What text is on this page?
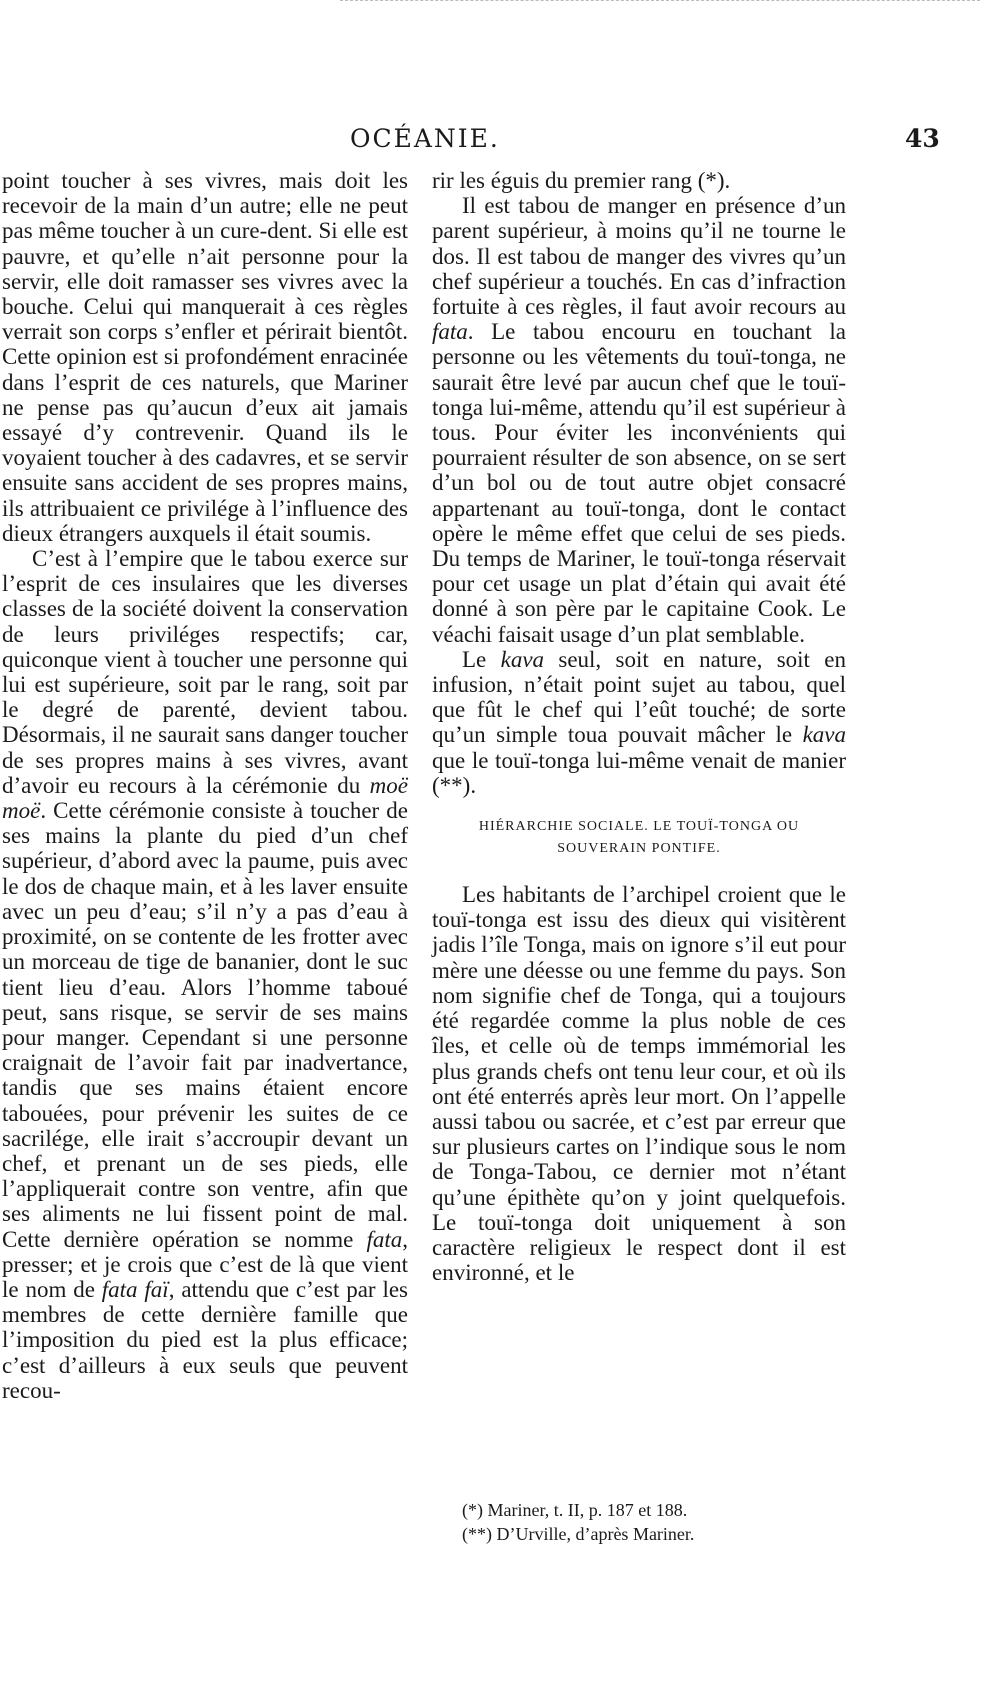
OCÉANIE.	43

point toucher à ses vivres, mais doit les recevoir de la main d’un autre; elle ne peut pas même toucher à un cure-dent. Si elle est pauvre, et qu’elle n’ait personne pour la servir, elle doit ramasser ses vivres avec la bouche. Celui qui manquerait à ces règles verrait son corps s’enfler et périrait bientôt. Cette opinion est si profondément enracinée dans l’esprit de ces naturels, que Mariner ne pense pas qu’aucun d’eux ait jamais essayé d’y contrevenir. Quand ils le voyaient toucher à des cadavres, et se servir ensuite sans accident de ses propres mains, ils attribuaient ce privilége à l’influence des dieux étrangers auxquels il était soumis.

C’est à l’empire que le tabou exerce sur l’esprit de ces insulaires que les diverses classes de la société doivent la conservation de leurs priviléges respectifs; car, quiconque vient à toucher une personne qui lui est supérieure, soit par le rang, soit par le degré de parenté, devient tabou. Désormais, il ne saurait sans danger toucher de ses propres mains à ses vivres, avant d’avoir eu recours à la cérémonie du moë moë. Cette cérémonie consiste à toucher de ses mains la plante du pied d’un chef supérieur, d’abord avec la paume, puis avec le dos de chaque main, et à les laver ensuite avec un peu d’eau; s’il n’y a pas d’eau à proximité, on se contente de les frotter avec un morceau de tige de bananier, dont le suc tient lieu d’eau. Alors l’homme taboué peut, sans risque, se servir de ses mains pour manger. Cependant si une personne craignait de l’avoir fait par inadvertance, tandis que ses mains étaient encore tabouées, pour prévenir les suites de ce sacrilége, elle irait s’accroupir devant un chef, et prenant un de ses pieds, elle l’appliquerait contre son ventre, afin que ses aliments ne lui fissent point de mal. Cette dernière opération se nomme fata, presser; et je crois que c’est de là que vient le nom de fata faï, attendu que c’est par les membres de cette dernière famille que l’imposition du pied est la plus efficace; c’est d’ailleurs à eux seuls que peuvent recou-

rir les éguis du premier rang (*).

Il est tabou de manger en présence d’un parent supérieur, à moins qu’il ne tourne le dos. Il est tabou de manger des vivres qu’un chef supérieur a touchés. En cas d’infraction fortuite à ces règles, il faut avoir recours au fata. Le tabou encouru en touchant la personne ou les vêtements du touï-tonga, ne saurait être levé par aucun chef que le touï-tonga lui-même, attendu qu’il est supérieur à tous. Pour éviter les inconvénients qui pourraient résulter de son absence, on se sert d’un bol ou de tout autre objet consacré appartenant au touï-tonga, dont le contact opère le même effet que celui de ses pieds. Du temps de Mariner, le touï-tonga réservait pour cet usage un plat d’étain qui avait été donné à son père par le capitaine Cook. Le véachi faisait usage d’un plat semblable.

Le kava seul, soit en nature, soit en infusion, n’était point sujet au tabou, quel que fût le chef qui l’eût touché; de sorte qu’un simple toua pouvait mâcher le kava que le touï-tonga lui-même venait de manier (**).

HIÉRARCHIE SOCIALE. LE TOUÏ-TONGA OU SOUVERAIN PONTIFE.

Les habitants de l’archipel croient que le touï-tonga est issu des dieux qui visitèrent jadis l’île Tonga, mais on ignore s’il eut pour mère une déesse ou une femme du pays. Son nom signifie chef de Tonga, qui a toujours été regardée comme la plus noble de ces îles, et celle où de temps immémorial les plus grands chefs ont tenu leur cour, et où ils ont été enterrés après leur mort. On l’appelle aussi tabou ou sacrée, et c’est par erreur que sur plusieurs cartes on l’indique sous le nom de Tonga-Tabou, ce dernier mot n’étant qu’une épithète qu’on y joint quelquefois. Le touï-tonga doit uniquement à son caractère religieux le respect dont il est environné, et le

(*) Mariner, t. II, p. 187 et 188.

(**) D’Urville, d’après Mariner.
